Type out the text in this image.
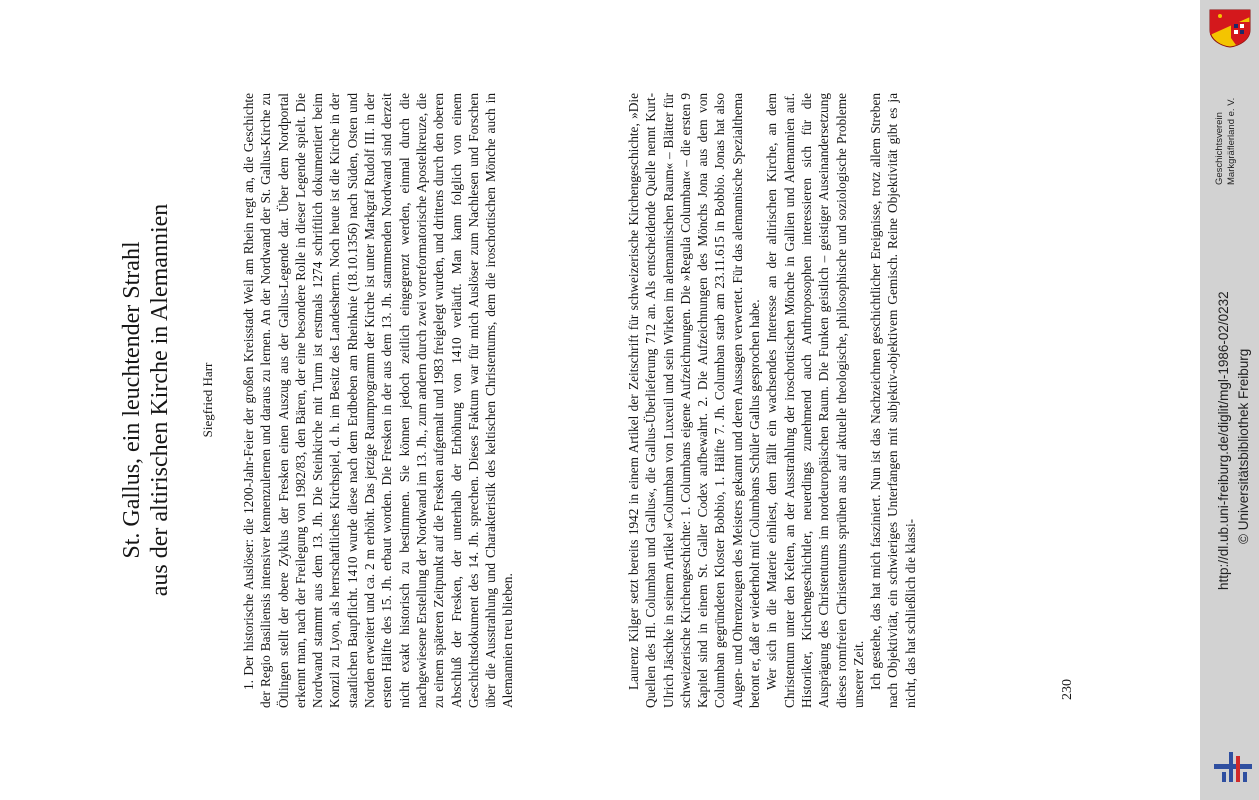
St. Gallus, ein leuchtender Strahl aus der altirischen Kirche in Alemannien Siegfried Harr 1. Der historische Auslöser: die 1200-Jahr-Feier der großen Kreisstadt Weil am Rhein regt an, die Geschichte der Regio Basiliensis intensiver kennenzulernen und daraus zu lernen. An der Nordwand der St. Gallus-Kirche zu Ötlingen stellt der obere Zyklus der Fresken einen Auszug aus der Gallus-Legende dar. Über dem Nordportal erkennt man, nach der Freilegung von 1982/83, den Bären, der eine besondere Rolle in dieser Legende spielt. Die Nordwand stammt aus dem 13. Jh. Die Steinkirche mit Turm ist erstmals 1274 schriftlich dokumentiert beim Konzil zu Lyon, als herrschaftliches Kirchspiel, d. h. im Besitz des Landesherrn. Noch heute ist die Kirche in der staatlichen Baupflicht. 1410 wurde diese nach dem Erdbeben am Rheinknie (18.10.1356) nach Süden, Osten und Norden erweitert und ca. 2 m erhöht. Das jetzige Raumprogramm der Kirche ist unter Markgraf Rudolf III. in der ersten Hälfte des 15. Jh. erbaut worden. Die Fresken in der aus dem 13. Jh. stammenden Nordwand sind derzeit nicht exakt historisch zu bestimmen. Sie können jedoch zeitlich eingegrenzt werden, einmal durch die nachgewiesene Erstellung der Nordwand im 13. Jh., zum andern durch zwei vorreformatorische Apostelkreuze, die zu einem späteren Zeitpunkt auf die Fresken aufgemalt und 1983 freigelegt wurden, und drittens durch den oberen Abschluß der Fresken, der unterhalb der Erhöhung von 1410 verläuft. Man kann folglich von einem Geschichtsdokument des 14. Jh. sprechen. Dieses Faktum war für mich Auslöser zum Nachlesen und Forschen über die Ausstrahlung und Charakteristik des keltischen Christentums, dem die iroschottischen Mönche auch in Alemannien treu blieben.	Laurenz Kilger setzt bereits 1942 in einem Artikel der Zeitschrift für schweizerische Kirchengeschichte, »Die Quellen des Hl. Columban und Gallus«, die Gallus-Überlieferung 712 an. Als entscheidende Quelle nennt Kurt-Ulrich Jäschke in seinem Artikel »Columban von Luxeuil und sein Wirken im alemannischen Raum« – Blätter für schweizerische Kirchengeschichte: 1. Columbans eigene Aufzeichnungen. Die »Regula Columban« – die ersten 9 Kapitel sind in einem St. Galler Codex aufbewahrt. 2. Die Aufzeichnungen des Mönchs Jona aus dem von Columban gegründeten Kloster Bobbio, 1. Hälfte 7. Jh. Columban starb am 23.11.615 in Bobbio. Jonas hat also Augen- und Ohrenzeugen des Meisters gekannt und deren Aussagen verwertet. Für das alemannische Spezialthema betont er, daß er wiederholt mit Columbans Schüler Gallus gesprochen habe. Wer sich in die Materie einliest, dem fällt ein wachsendes Interesse an der altirischen Kirche, an dem Christentum unter den Kelten, an der Ausstrahlung der iroschottischen Mönche in Gallien und Alemannien auf. Historiker, Kirchengeschichtler, neuerdings zunehmend auch Anthroposophen interessieren sich für die Ausprägung des Christentums im nordeuropäischen Raum. Die Funken geistlich – geistiger Auseinandersetzung dieses romfreien Christentums sprühen aus auf aktuelle theologische, philosophische und soziologische Probleme unserer Zeit. Ich gestehe, das hat mich fasziniert. Nun ist das Nachzeichnen geschichtlicher Ereignisse, trotz allem Streben nach Objektivität, ein schwieriges Unterfangen mit subjektiv-objektivem Gemisch. Reine Objektivität gibt es ja nicht, das hat schließlich die klassi-	230
Geschichtsverein Markgräflerland e. V.
http://dl.ub.uni-freiburg.de/diglit/mgl-1986-02/0232 © Universitätsbibliothek Freiburg
